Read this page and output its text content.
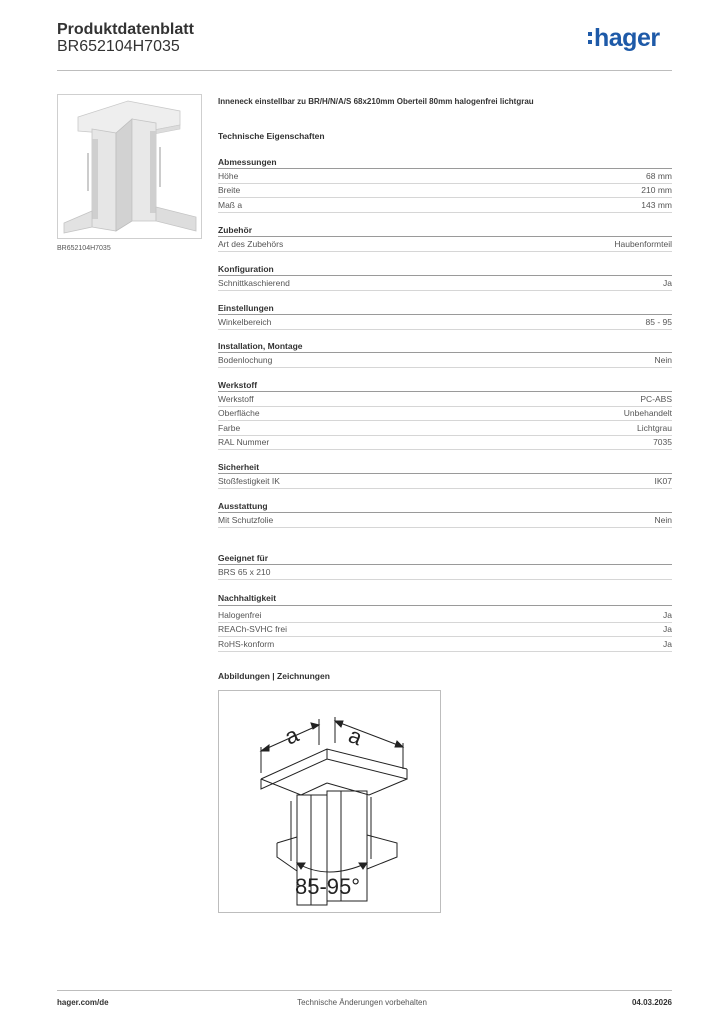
Produktdatenblatt
BR652104H7035	hager
BR652104H7035
Inneneck einstellbar zu BR/H/N/A/S 68x210mm Oberteil 80mm halogenfrei lichtgrau
Technische Eigenschaften
Abmessungen
Höhe	68 mm
Breite	210 mm
Maß a	143 mm
Zubehör
Art des Zubehörs	Haubenformteil
Konfiguration
Schnittkaschierend	Ja
Einstellungen
Winkelbereich	85 - 95
Installation, Montage
Bodenlochung	Nein
Werkstoff
Werkstoff	PC-ABS
Oberfläche	Unbehandelt
Farbe	Lichtgrau
RAL Nummer	7035
Sicherheit
Stoßfestigkeit IK	IK07
Ausstattung
Mit Schutzfolie	Nein
Geeignet für
BRS 65 x 210
Nachhaltigkeit
Halogenfrei	Ja
REACh-SVHC frei	Ja
RoHS-konform	Ja
Abbildungen | Zeichnungen
a a
85-95°
hager.com/de	Technische Änderungen vorbehalten	04.03.2026
